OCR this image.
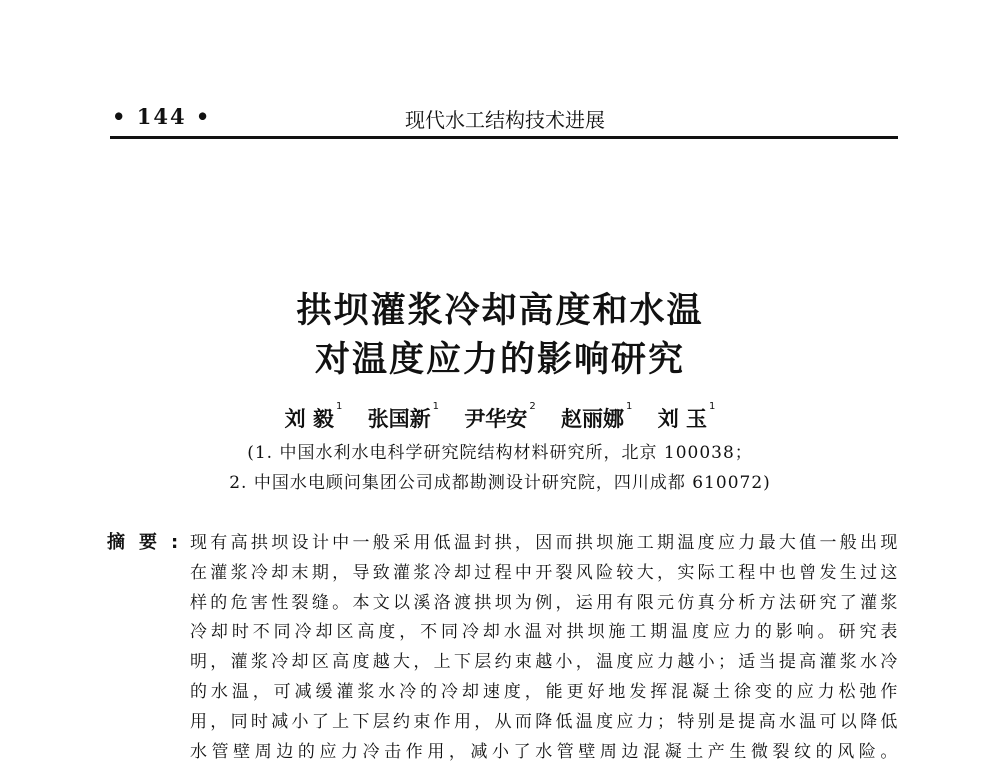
• 144 •	现代水工结构技术进展
拱坝灌浆冷却高度和水温
对温度应力的影响研究
刘 毅$^1$ 张国新$^1$ 尹华安$^2$ 赵丽娜$^1$ 刘 玉$^1$
(1. 中国水利水电科学研究院结构材料研究所，北京 100038；
2. 中国水电顾问集团公司成都勘测设计研究院，四川成都 610072)
摘要:
现有高拱坝设计中一般采用低温封拱，因而拱坝施工期温度应力最大值一般出现
在灌浆冷却末期，导致灌浆冷却过程中开裂风险较大，实际工程中也曾发生过这
样的危害性裂缝。本文以溪洛渡拱坝为例，运用有限元仿真分析方法研究了灌浆
冷却时不同冷却区高度，不同冷却水温对拱坝施工期温度应力的影响。研究表
明，灌浆冷却区高度越大，上下层约束越小，温度应力越小；适当提高灌浆水冷
的水温，可减缓灌浆水冷的冷却速度，能更好地发挥混凝土徐变的应力松弛作
用，同时减小了上下层约束作用，从而降低温度应力；特别是提高水温可以降低
水管壁周边的应力冷击作用，减小了水管壁周边混凝土产生微裂纹的风险。
